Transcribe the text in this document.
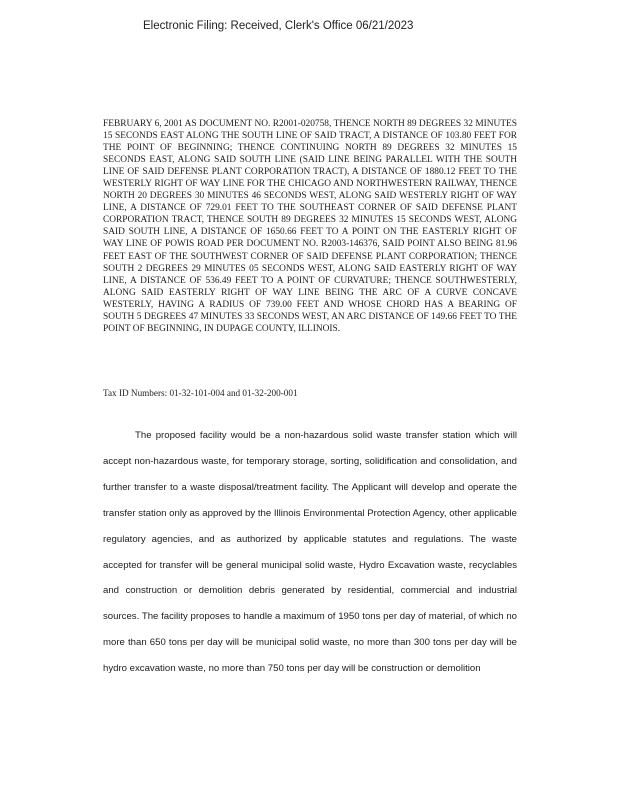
Electronic Filing: Received, Clerk's Office 06/21/2023
FEBRUARY 6, 2001 AS DOCUMENT NO. R2001-020758, THENCE NORTH 89 DEGREES 32 MINUTES 15 SECONDS EAST ALONG THE SOUTH LINE OF SAID TRACT, A DISTANCE OF 103.80 FEET FOR THE POINT OF BEGINNING; THENCE CONTINUING NORTH 89 DEGREES 32 MINUTES 15 SECONDS EAST, ALONG SAID SOUTH LINE (SAID LINE BEING PARALLEL WITH THE SOUTH LINE OF SAID DEFENSE PLANT CORPORATION TRACT), A DISTANCE OF 1880.12 FEET TO THE WESTERLY RIGHT OF WAY LINE FOR THE CHICAGO AND NORTHWESTERN RAILWAY, THENCE NORTH 20 DEGREES 30 MINUTES 46 SECONDS WEST, ALONG SAID WESTERLY RIGHT OF WAY LINE, A DISTANCE OF 729.01 FEET TO THE SOUTHEAST CORNER OF SAID DEFENSE PLANT CORPORATION TRACT, THENCE SOUTH 89 DEGREES 32 MINUTES 15 SECONDS WEST, ALONG SAID SOUTH LINE, A DISTANCE OF 1650.66 FEET TO A POINT ON THE EASTERLY RIGHT OF WAY LINE OF POWIS ROAD PER DOCUMENT NO. R2003-146376, SAID POINT ALSO BEING 81.96 FEET EAST OF THE SOUTHWEST CORNER OF SAID DEFENSE PLANT CORPORATION; THENCE SOUTH 2 DEGREES 29 MINUTES 05 SECONDS WEST, ALONG SAID EASTERLY RIGHT OF WAY LINE, A DISTANCE OF 536.49 FEET TO A POINT OF CURVATURE; THENCE SOUTHWESTERLY, ALONG SAID EASTERLY RIGHT OF WAY LINE BEING THE ARC OF A CURVE CONCAVE WESTERLY, HAVING A RADIUS OF 739.00 FEET AND WHOSE CHORD HAS A BEARING OF SOUTH 5 DEGREES 47 MINUTES 33 SECONDS WEST, AN ARC DISTANCE OF 149.66 FEET TO THE POINT OF BEGINNING, IN DUPAGE COUNTY, ILLINOIS.
Tax ID Numbers: 01-32-101-004 and 01-32-200-001

The proposed facility would be a non-hazardous solid waste transfer station which will accept non-hazardous waste, for temporary storage, sorting, solidification and consolidation, and further transfer to a waste disposal/treatment facility. The Applicant will develop and operate the transfer station only as approved by the Illinois Environmental Protection Agency, other applicable regulatory agencies, and as authorized by applicable statutes and regulations. The waste accepted for transfer will be general municipal solid waste, Hydro Excavation waste, recyclables and construction or demolition debris generated by residential, commercial and industrial sources. The facility proposes to handle a maximum of 1950 tons per day of material, of which no more than 650 tons per day will be municipal solid waste, no more than 300 tons per day will be hydro excavation waste, no more than 750 tons per day will be construction or demolition
